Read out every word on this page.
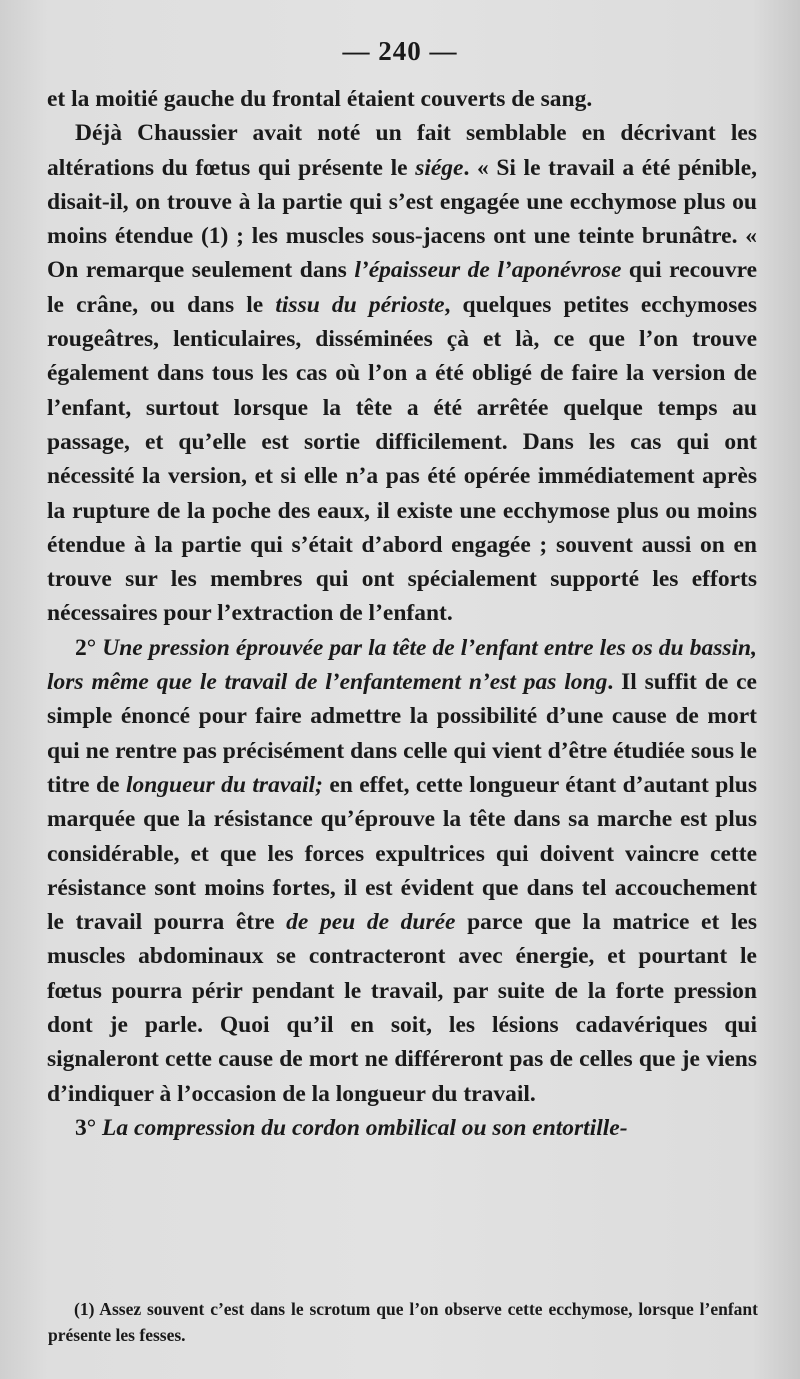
— 240 —

et la moitié gauche du frontal étaient couverts de sang.

Déjà Chaussier avait noté un fait semblable en décrivant les altérations du fœtus qui présente le siége. « Si le travail a été pénible, disait-il, on trouve à la partie qui s’est engagée une ecchymose plus ou moins étendue (1) ; les muscles sous-jacens ont une teinte brunâtre. « On remarque seulement dans l’épaisseur de l’aponévrose qui recouvre le crâne, ou dans le tissu du périoste, quelques petites ecchymoses rougeâtres, lenticulaires, disséminées çà et là, ce que l’on trouve également dans tous les cas où l’on a été obligé de faire la version de l’enfant, surtout lorsque la tête a été arrêtée quelque temps au passage, et qu’elle est sortie difficilement. Dans les cas qui ont nécessité la version, et si elle n’a pas été opérée immédiatement après la rupture de la poche des eaux, il existe une ecchymose plus ou moins étendue à la partie qui s’était d’abord engagée ; souvent aussi on en trouve sur les membres qui ont spécialement supporté les efforts nécessaires pour l’extraction de l’enfant.

2° Une pression éprouvée par la tête de l’enfant entre les os du bassin, lors même que le travail de l’enfantement n’est pas long. Il suffit de ce simple énoncé pour faire admettre la possibilité d’une cause de mort qui ne rentre pas précisément dans celle qui vient d’être étudiée sous le titre de longueur du travail; en effet, cette longueur étant d’autant plus marquée que la résistance qu’éprouve la tête dans sa marche est plus considérable, et que les forces expultrices qui doivent vaincre cette résistance sont moins fortes, il est évident que dans tel accouchement le travail pourra être de peu de durée parce que la matrice et les muscles abdominaux se contracteront avec énergie, et pourtant le fœtus pourra périr pendant le travail, par suite de la forte pression dont je parle. Quoi qu’il en soit, les lésions cadavériques qui signaleront cette cause de mort ne différeront pas de celles que je viens d’indiquer à l’occasion de la longueur du travail.

3° La compression du cordon ombilical ou son entortille-

(1) Assez souvent c’est dans le scrotum que l’on observe cette ecchymose, lorsque l’enfant présente les fesses.
